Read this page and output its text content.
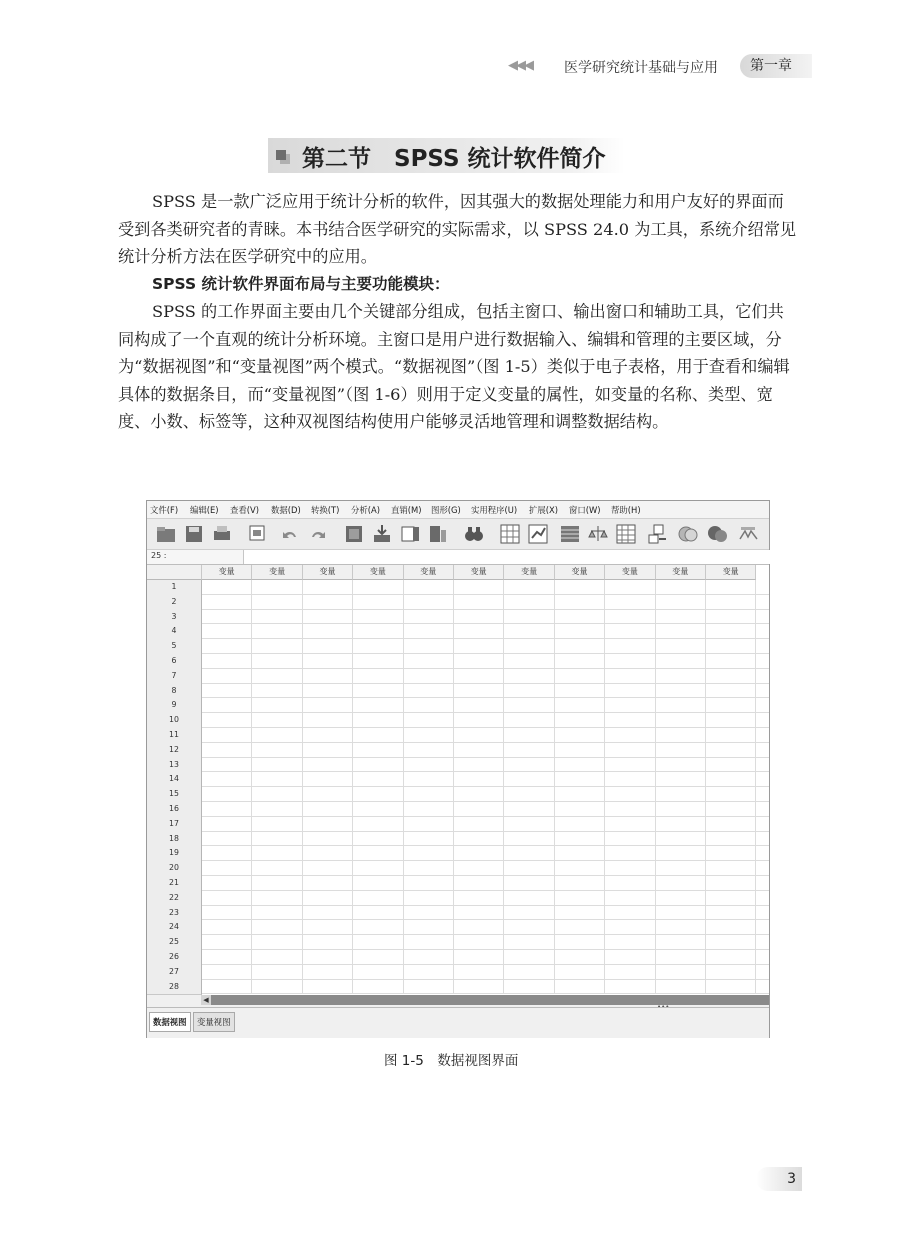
◀◀◀ 医学研究统计基础与应用	第一章
第二节　SPSS 统计软件简介

SPSS 是一款广泛应用于统计分析的软件，因其强大的数据处理能力和用户友好的界面而受到各类研究者的青睐。本书结合医学研究的实际需求，以 SPSS 24.0 为工具，系统介绍常见统计分析方法在医学研究中的应用。

SPSS 统计软件界面布局与主要功能模块：

SPSS 的工作界面主要由几个关键部分组成，包括主窗口、输出窗口和辅助工具，它们共同构成了一个直观的统计分析环境。主窗口是用户进行数据输入、编辑和管理的主要区域，分为“数据视图”和“变量视图”两个模式。“数据视图”（图 1-5）类似于电子表格，用于查看和编辑具体的数据条目，而“变量视图”（图 1-6）则用于定义变量的属性，如变量的名称、类型、宽度、小数、标签等，这种双视图结构使用户能够灵活地管理和调整数据结构。

文件(F) 编辑(E) 查看(V) 数据(D) 转换(T) 分析(A) 直销(M) 图形(G) 实用程序(U) 扩展(X) 窗口(W) 帮助(H)
25 :
变量	变量	变量	变量	变量	变量	变量	变量	变量	变量	变量
1
2
3
4
5
6
7
8
9
10
11
12
13
14
15
16
17
18
19
20
21
22
23
24
25
26
27
28
◀
数据视图	变量视图
图 1-5　数据视图界面
3
